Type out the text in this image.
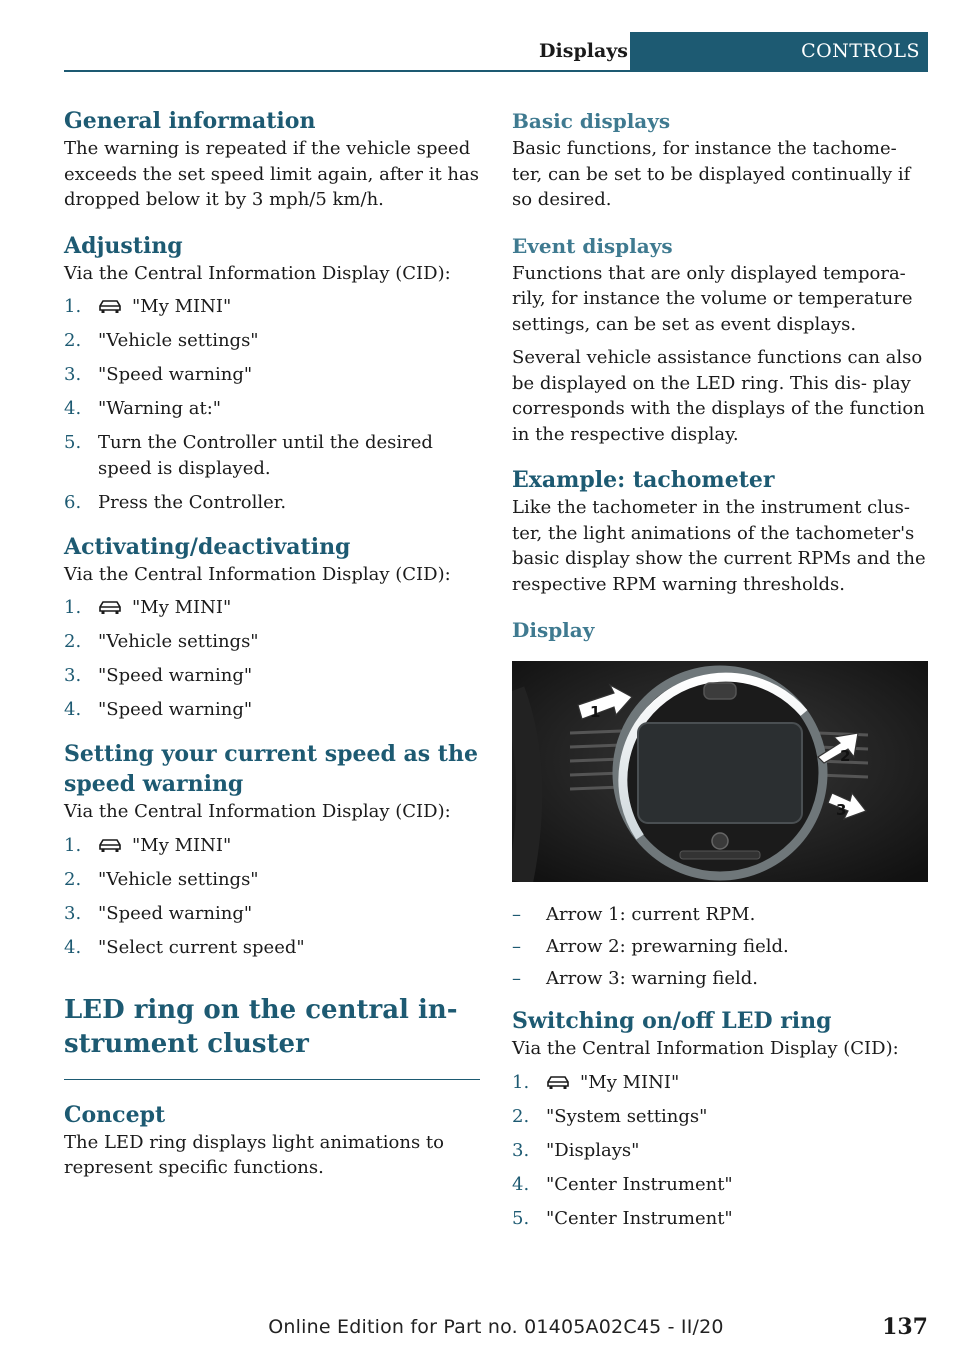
Displays	CONTROLS
General information

The warning is repeated if the vehicle speed exceeds the set speed limit again, after it has dropped below it by 3 mph/5 km/h.

Adjusting

Via the Central Information Display (CID):

1.	"My MINI"
2. "Vehicle settings"
3. "Speed warning"
4. "Warning at:"
5. Turn the Controller until the desired speed is displayed.
6. Press the Controller.
Activating/deactivating

Via the Central Information Display (CID):

1.	"My MINI"
2. "Vehicle settings"
3. "Speed warning"
4. "Speed warning"
Setting your current speed as the speed warning

Via the Central Information Display (CID):

1.	"My MINI"
2. "Vehicle settings"
3. "Speed warning"
4. "Select current speed"
LED ring on the central in- strument cluster
Concept

The LED ring displays light animations to represent specific functions.

Basic displays

Basic functions, for instance the tachome- ter, can be set to be displayed continually if so desired.

Event displays

Functions that are only displayed tempora- rily, for instance the volume or temperature settings, can be set as event displays.

Several vehicle assistance functions can also be displayed on the LED ring. This dis- play corresponds with the displays of the function in the respective display.

Example: tachometer

Like the tachometer in the instrument clus- ter, the light animations of the tachometer's basic display show the current RPMs and the respective RPM warning thresholds.

Display
1
2
3
– Arrow 1: current RPM.
– Arrow 2: prewarning field.
– Arrow 3: warning field.
Switching on/off LED ring

Via the Central Information Display (CID):

1.	"My MINI"
2. "System settings"
3. "Displays"
4. "Center Instrument"
5. "Center Instrument"
Online Edition for Part no. 01405A02C45 - II/20	137
